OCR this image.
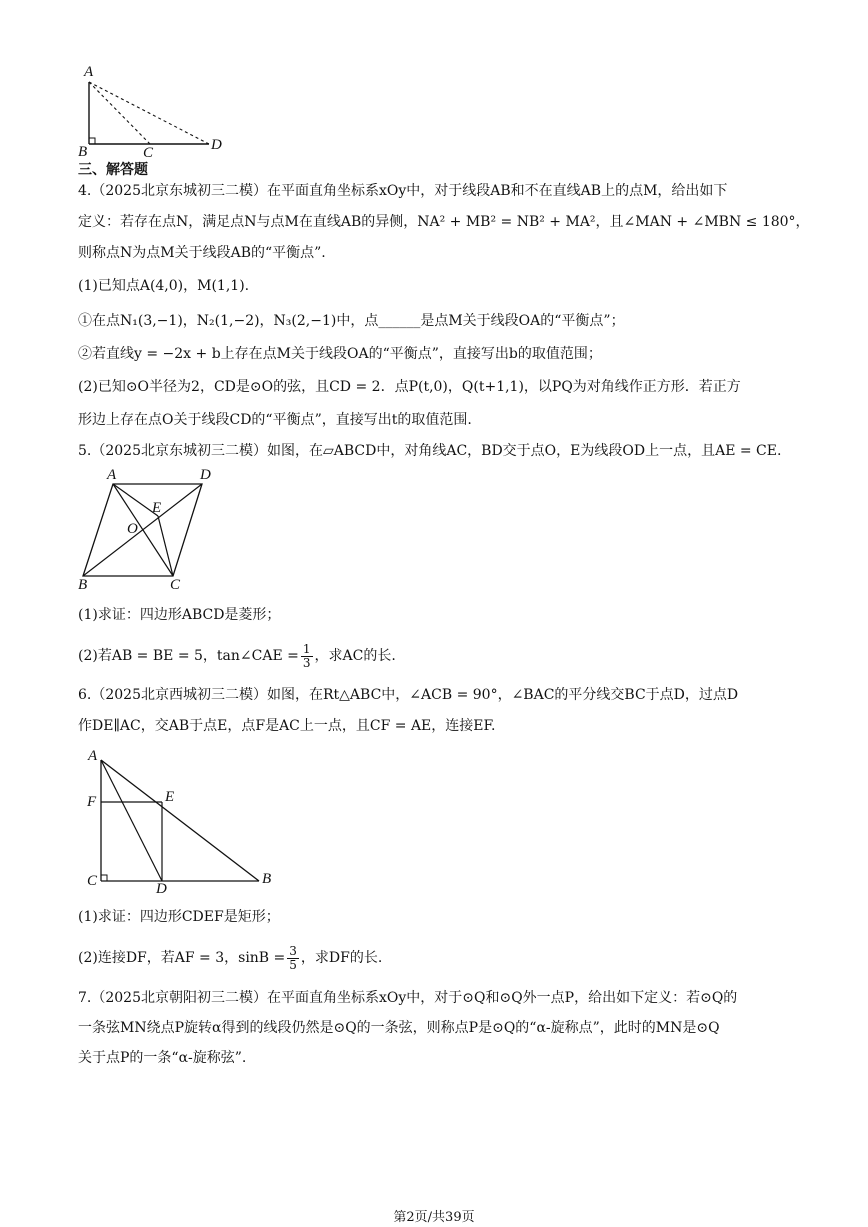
A
B	C	D
三、解答题
4.（2025北京东城初三二模）在平面直角坐标系xOy中，对于线段AB和不在直线AB上的点M，给出如下
定义：若存在点N，满足点N与点M在直线AB的异侧，NA² + MB² = NB² + MA²，且∠MAN + ∠MBN ≤ 180°，
则称点N为点M关于线段AB的“平衡点”.
(1)已知点A(4,0)，M(1,1).
①在点N₁(3,−1)，N₂(1,−2)，N₃(2,−1)中，点______是点M关于线段OA的“平衡点”；
②若直线y = −2x + b上存在点M关于线段OA的“平衡点”，直接写出b的取值范围；
(2)已知⊙O半径为2，CD是⊙O的弦，且CD = 2．点P(t,0)，Q(t+1,1)，以PQ为对角线作正方形．若正方
形边上存在点O关于线段CD的“平衡点”，直接写出t的取值范围.
5.（2025北京东城初三二模）如图，在▱ABCD中，对角线AC，BD交于点O，E为线段OD上一点，且AE = CE.
A	D
B	C
O
E
(1)求证：四边形ABCD是菱形；
(2)若AB = BE = 5，tan∠CAE = $\frac{1}{3}$ ，求AC的长.
6.（2025北京西城初三二模）如图，在Rt△ABC中，∠ACB = 90°，∠BAC的平分线交BC于点D，过点D
作DE∥AC，交AB于点E，点F是AC上一点，且CF = AE，连接EF.
A
F	E
C	D
B
(1)求证：四边形CDEF是矩形；
(2)连接DF，若AF = 3，$\sin B = \frac{3}{5}$ ，求DF的长.
7.（2025北京朝阳初三二模）在平面直角坐标系xOy中，对于⊙Q和⊙Q外一点P，给出如下定义：若⊙Q的
一条弦MN绕点P旋转α得到的线段仍然是⊙Q的一条弦，则称点P是⊙Q的“α-旋称点”，此时的MN是⊙Q
关于点P的一条“α-旋称弦”.
第2页/共39页
